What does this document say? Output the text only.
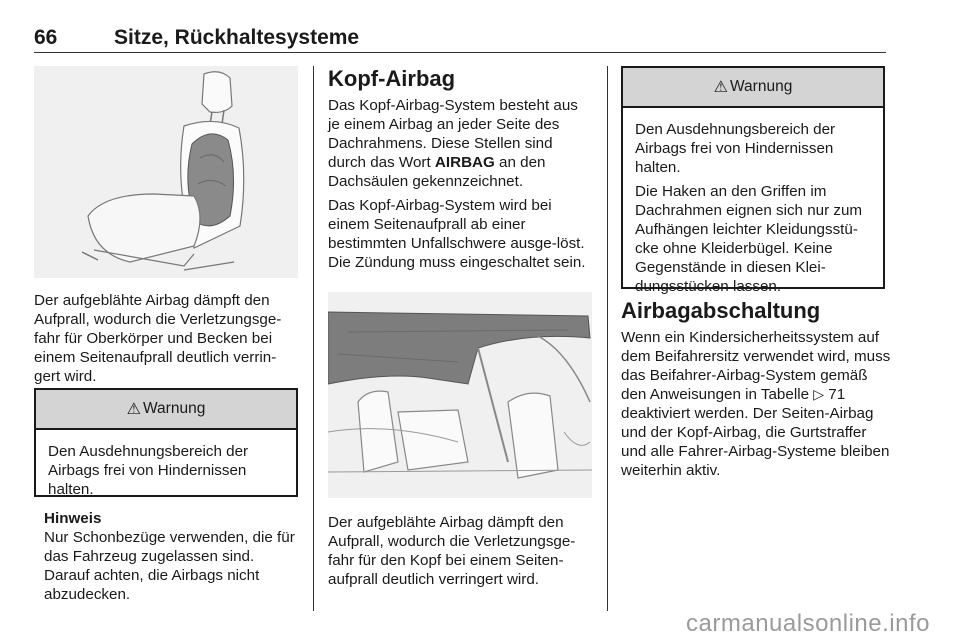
66	Sitze, Rückhaltesysteme
Der aufgeblähte Airbag dämpft den Aufprall, wodurch die Verletzungsge-fahr für Oberkörper und Becken bei einem Seitenaufprall deutlich verrin-gert wird.
⚠ Warnung
Den Ausdehnungsbereich der Airbags frei von Hindernissen halten.
Hinweis
Nur Schonbezüge verwenden, die für das Fahrzeug zugelassen sind. Darauf achten, die Airbags nicht abzudecken.
Kopf-Airbag

Das Kopf-Airbag-System besteht aus je einem Airbag an jeder Seite des Dachrahmens. Diese Stellen sind durch das Wort AIRBAG an den Dachsäulen gekennzeichnet.

Das Kopf-Airbag-System wird bei einem Seitenaufprall ab einer bestimmten Unfallschwere ausge-löst. Die Zündung muss eingeschaltet sein.

Der aufgeblähte Airbag dämpft den Aufprall, wodurch die Verletzungsge-fahr für den Kopf bei einem Seiten-aufprall deutlich verringert wird.
⚠ Warnung

Den Ausdehnungsbereich der Airbags frei von Hindernissen halten.

Die Haken an den Griffen im Dachrahmen eignen sich nur zum Aufhängen leichter Kleidungsstü-cke ohne Kleiderbügel. Keine Gegenstände in diesen Klei-dungsstücken lassen.

Airbagabschaltung
Wenn ein Kindersicherheitssystem auf dem Beifahrersitz verwendet wird, muss das Beifahrer-Airbag-System gemäß den Anweisungen in Tabelle ▷ 71 deaktiviert werden. Der Seiten-Airbag und der Kopf-Airbag, die Gurtstraffer und alle Fahrer-Airbag-Systeme bleiben weiterhin aktiv.
carmanualsonline.info
